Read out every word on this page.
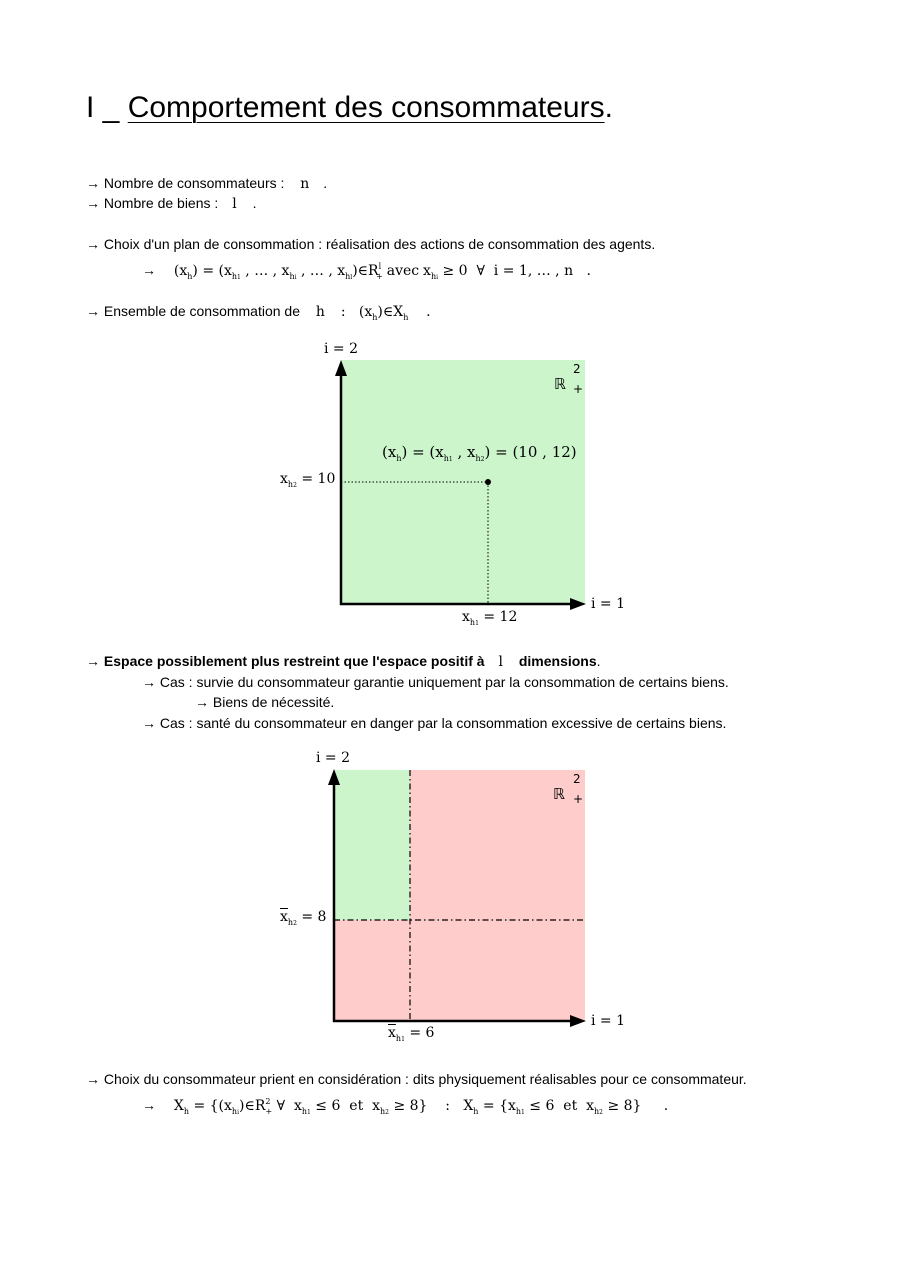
I _ Comportement des consommateurs.
→ Nombre de consommateurs : n .
→ Nombre de biens : l .
→ Choix d'un plan de consommation : réalisation des actions de consommation des agents.
→ $(x_h) = (x_{h1}$ , … , $x_{hi}$ , … , $x_{hl})\in R^l_+$ avec $x_{hi} \ge 0$  ∀  i = 1, … , n   .
→ Ensemble de consommation de h :   $(x_h)\in X_h$    .
i = 2
i = 1
ℝ
2
+
$(x_h) = (x_{h1}$ , $x_{h2}) = (10$ , 12)
$x_{h2} = 10$
$x_{h1} = 12$
→ Espace possiblement plus restreint que l'espace positif à l dimensions.
→ Cas : survie du consommateur garantie uniquement par la consommation de certains biens.
→ Biens de nécessité.
→ Cas : santé du consommateur en danger par la consommation excessive de certains biens.
i = 2
i = 1
ℝ
2
+
$\overline{x}_{h2} = 8$
$\overline{x}_{h1} = 6$
→ Choix du consommateur prient en considération : dits physiquement réalisables pour ce consommateur.
→ $X_h$ = {$(x_{hi})\in R^2_+$ ∀  $x_{h1} \le 6$  et  $x_{h2} \ge 8$}    :   $X_h = \{x_{h1} \le 6$  et  $x_{h2} \ge 8$}     .
